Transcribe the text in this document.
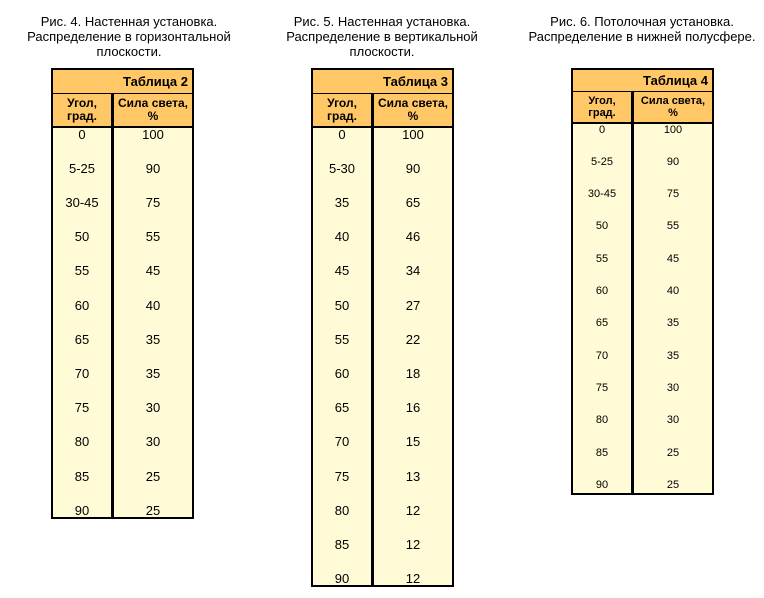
Рис. 4. Настенная установка.
Распределение в горизонтальной
плоскости.
Рис. 5. Настенная установка.
Распределение в вертикальной
плоскости.
Рис. 6. Потолочная установка.
Распределение в нижней полусфере.
Таблица 2
Угол,
град.
Сила света,
%
0	100
5-25	90
30-45	75
50	55
55	45
60	40
65	35
70	35
75	30
80	30
85	25
90	25
Таблица 3
Угол,
град.
Сила света,
%
0	100
5-30	90
35	65
40	46
45	34
50	27
55	22
60	18
65	16
70	15
75	13
80	12
85	12
90	12
Таблица 4
Угол,
град.
Сила света,
%
0	100
5-25	90
30-45	75
50	55
55	45
60	40
65	35
70	35
75	30
80	30
85	25
90	25
